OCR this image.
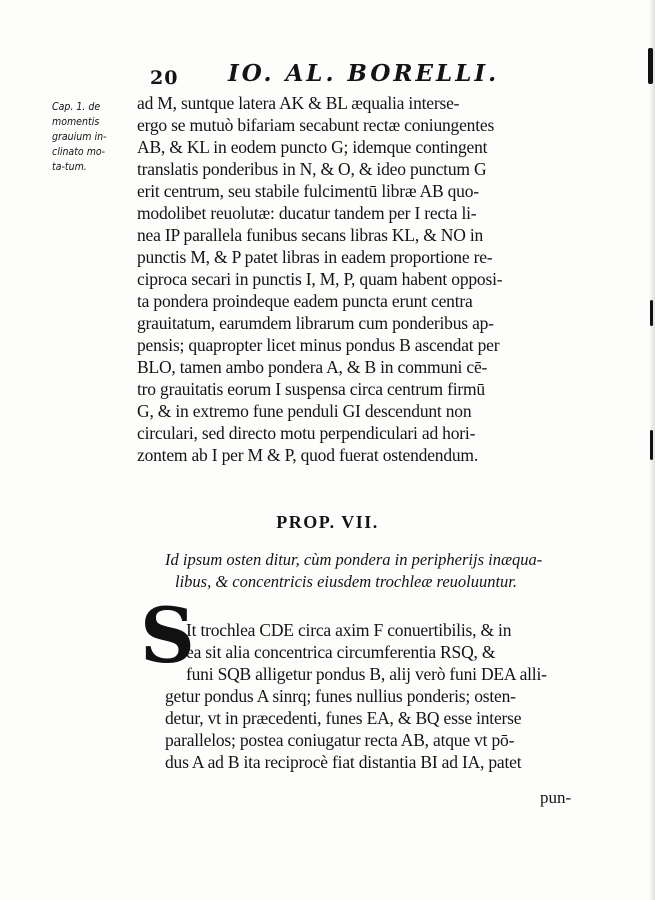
20 IO. AL. BORELLI.
Cap. 1. de
momentis
grauium in-
clinato mo-
ta-tum.
ad M, suntque latera AK & BL æqualia interse-
ergo se mutuò bifariam secabunt rectæ coniungentes
AB, & KL in eodem puncto G; idemque contingent
translatis ponderibus in N, & O, & ideo punctum G
erit centrum, seu stabile fulcimentū libræ AB quo-
modolibet reuolutæ: ducatur tandem per I recta li-
nea IP parallela funibus secans libras KL, & NO in
punctis M, & P patet libras in eadem proportione re-
ciproca secari in punctis I, M, P, quam habent opposi-
ta pondera proindeque eadem puncta erunt centra
grauitatum, earumdem librarum cum ponderibus ap-
pensis; quapropter licet minus pondus B ascendat per
BLO, tamen ambo pondera A, & B in communi cē-
tro grauitatis eorum I suspensa circa centrum firmū
G, & in extremo fune penduli GI descendunt non
circulari, sed directo motu perpendiculari ad hori-
zontem ab I per M & P, quod fuerat ostendendum.
PROP. VII.
Id ipsum osten ditur, cùm pondera in peripherijs inæqua-
libus, & concentricis eiusdem trochleæ reuoluuntur.
S
It trochlea CDE circa axim F conuertibilis, & in
ea sit alia concentrica circumferentia RSQ, &
funi SQB alligetur pondus B, alij verò funi DEA alli-
getur pondus A sinrq; funes nullius ponderis; osten-
detur, vt in præcedenti, funes EA, & BQ esse interse
parallelos; postea coniugatur recta AB, atque vt pō-
dus A ad B ita reciprocè fiat distantia BI ad IA, patet
pun-
